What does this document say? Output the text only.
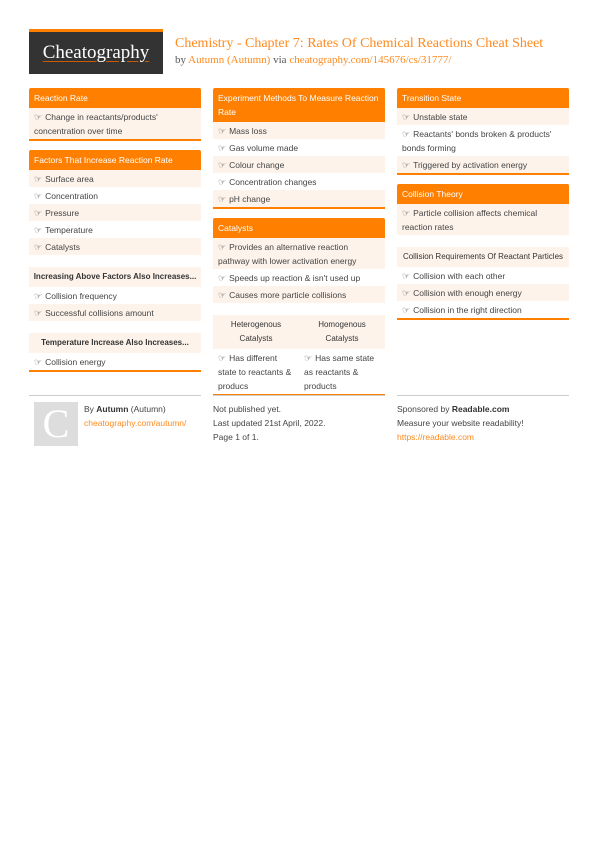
Cheatography Chemistry - Chapter 7: Rates Of Chemical Reactions Cheat Sheet
by Autumn (Autumn) via cheatography.com/145676/cs/31777/
Reaction Rate
☞ Change in reactants/products' concentration over time
Factors That Increase Reaction Rate
☞ Surface area
☞ Concentration
☞ Pressure
☞ Temperature
☞ Catalysts
Increasing Above Factors Also Increases...
☞ Collision frequency
☞ Successful collisions amount
Temperature Increase Also Increases...
☞ Collision energy
Experiment Methods To Measure Reaction Rate
☞ Mass loss
☞ Gas volume made
☞ Colour change
☞ Concentration changes
☞ pH change
Catalysts
☞ Provides an alternative reaction pathway with lower activation energy
☞ Speeds up reaction & isn't used up
☞ Causes more particle collisions
Heterogenous Catalysts
☞ Has different state to reactants & producs
Homogenous Catalysts
☞ Has same state as reactants & products
Transition State
☞ Unstable state
☞ Reactants' bonds broken & products' bonds forming
☞ Triggered by activation energy
Collision Theory
☞ Particle collision affects chemical reaction rates
Collision Requirements Of Reactant Particles
☞ Collision with each other
☞ Collision with enough energy
☞ Collision in the right direction
C	By Autumn (Autumn)
cheatography.com/autumn/
Not published yet.
Last updated 21st April, 2022.
Page 1 of 1.
Sponsored by Readable.com
Measure your website readability!
https://readable.com
